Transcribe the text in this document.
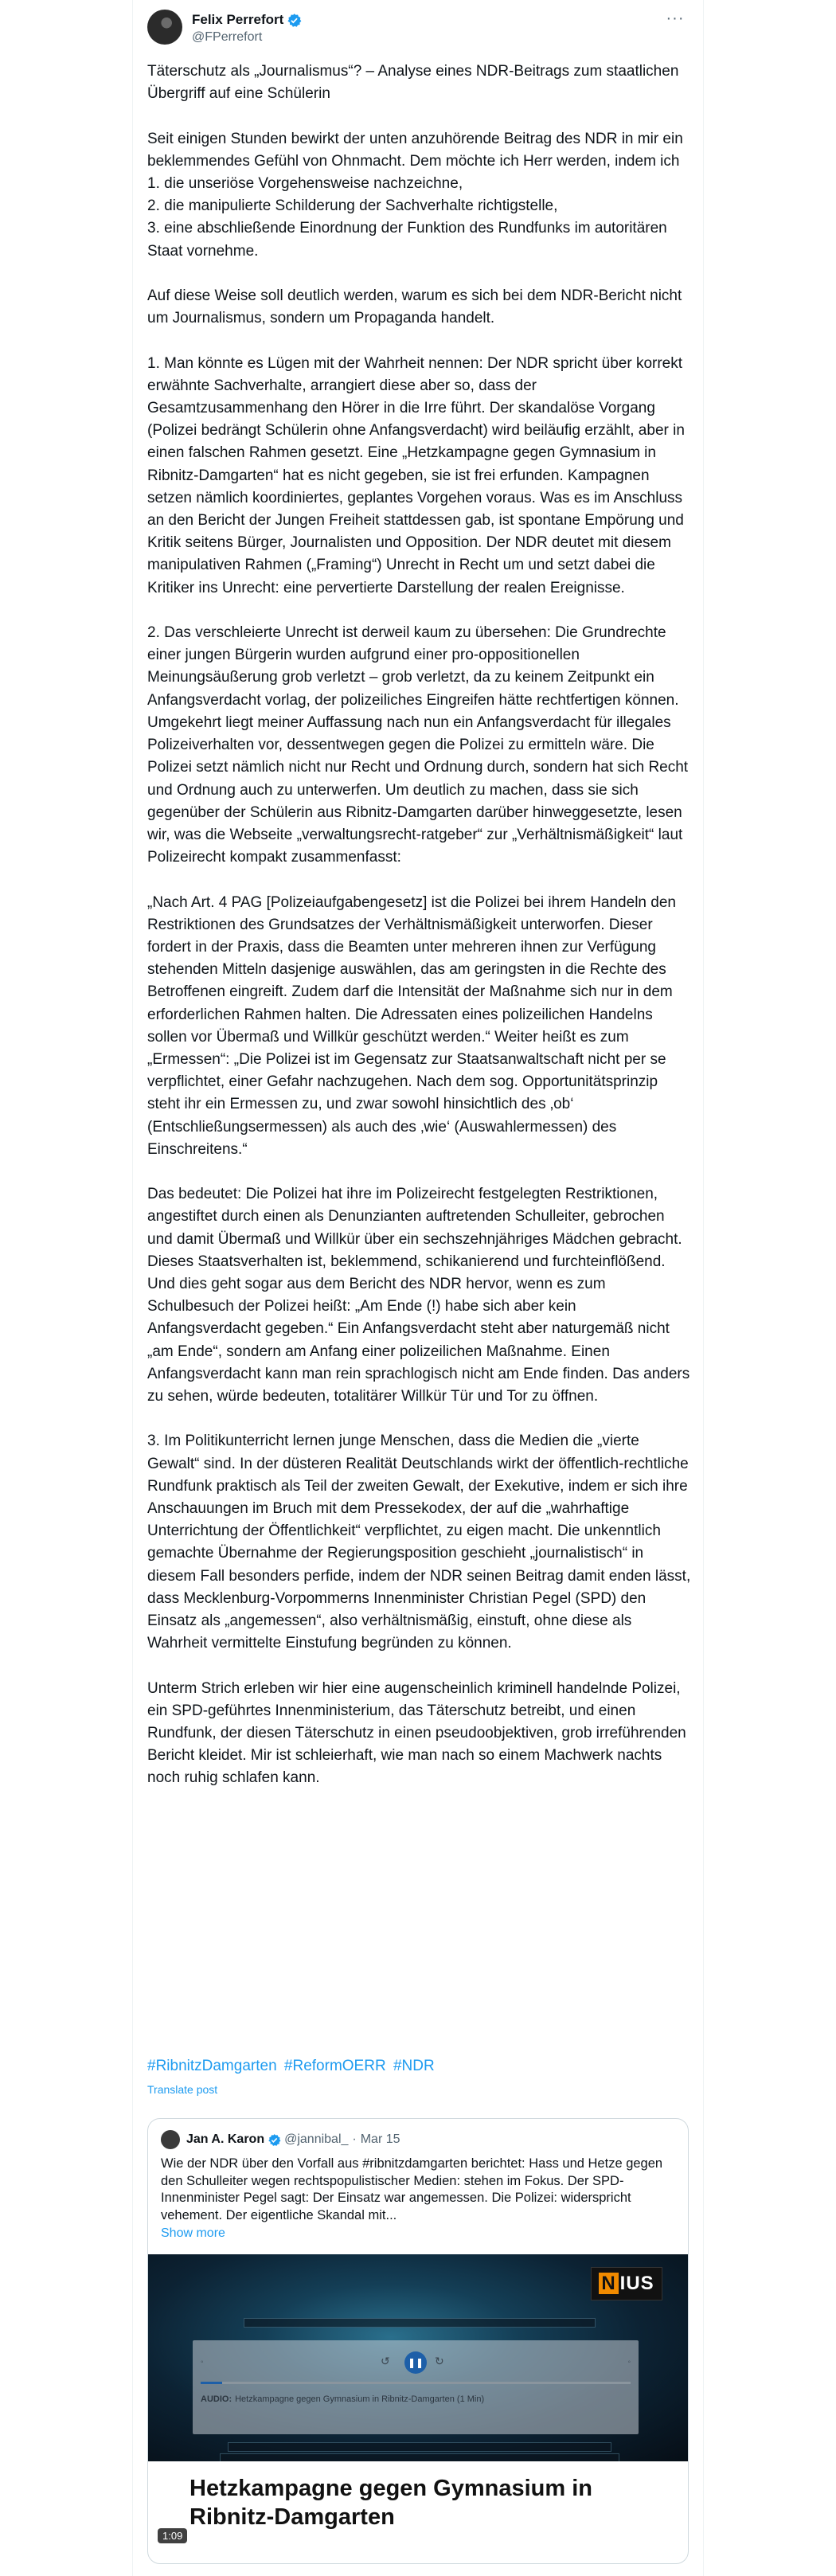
Felix Perrefort
@FPerrefort
···
Täterschutz als „Journalismus“? – Analyse eines NDR-Beitrags zum staatlichen Übergriff auf eine Schülerin

Seit einigen Stunden bewirkt der unten anzuhörende Beitrag des NDR in mir ein beklemmendes Gefühl von Ohnmacht. Dem möchte ich Herr werden, indem ich
1. die unseriöse Vorgehensweise nachzeichne,
2. die manipulierte Schilderung der Sachverhalte richtigstelle,
3. eine abschließende Einordnung der Funktion des Rundfunks im autoritären Staat vornehme.

Auf diese Weise soll deutlich werden, warum es sich bei dem NDR-Bericht nicht um Journalismus, sondern um Propaganda handelt.

1. Man könnte es Lügen mit der Wahrheit nennen: Der NDR spricht über korrekt erwähnte Sachverhalte, arrangiert diese aber so, dass der Gesamtzusammenhang den Hörer in die Irre führt. Der skandalöse Vorgang (Polizei bedrängt Schülerin ohne Anfangsverdacht) wird beiläufig erzählt, aber in einen falschen Rahmen gesetzt. Eine „Hetzkampagne gegen Gymnasium in Ribnitz-Damgarten“ hat es nicht gegeben, sie ist frei erfunden. Kampagnen setzen nämlich koordiniertes, geplantes Vorgehen voraus. Was es im Anschluss an den Bericht der Jungen Freiheit stattdessen gab, ist spontane Empörung und Kritik seitens Bürger, Journalisten und Opposition. Der NDR deutet mit diesem manipulativen Rahmen („Framing“) Unrecht in Recht um und setzt dabei die Kritiker ins Unrecht: eine pervertierte Darstellung der realen Ereignisse.

2. Das verschleierte Unrecht ist derweil kaum zu übersehen: Die Grundrechte einer jungen Bürgerin wurden aufgrund einer pro-oppositionellen Meinungsäußerung grob verletzt – grob verletzt, da zu keinem Zeitpunkt ein Anfangsverdacht vorlag, der polizeiliches Eingreifen hätte rechtfertigen können. Umgekehrt liegt meiner Auffassung nach nun ein Anfangsverdacht für illegales Polizeiverhalten vor, dessentwegen gegen die Polizei zu ermitteln wäre. Die Polizei setzt nämlich nicht nur Recht und Ordnung durch, sondern hat sich Recht und Ordnung auch zu unterwerfen. Um deutlich zu machen, dass sie sich gegenüber der Schülerin aus Ribnitz-Damgarten darüber hinweggesetzte, lesen wir, was die Webseite „verwaltungsrecht-ratgeber“ zur „Verhältnismäßigkeit“ laut Polizeirecht kompakt zusammenfasst:

„Nach Art. 4 PAG [Polizeiaufgabengesetz] ist die Polizei bei ihrem Handeln den Restriktionen des Grundsatzes der Verhältnismäßigkeit unterworfen. Dieser fordert in der Praxis, dass die Beamten unter mehreren ihnen zur Verfügung stehenden Mitteln dasjenige auswählen, das am geringsten in die Rechte des Betroffenen eingreift. Zudem darf die Intensität der Maßnahme sich nur in dem erforderlichen Rahmen halten. Die Adressaten eines polizeilichen Handelns sollen vor Übermaß und Willkür geschützt werden.“ Weiter heißt es zum „Ermessen“: „Die Polizei ist im Gegensatz zur Staatsanwaltschaft nicht per se verpflichtet, einer Gefahr nachzugehen. Nach dem sog. Opportunitätsprinzip steht ihr ein Ermessen zu, und zwar sowohl hinsichtlich des ‚ob‘ (Entschließungsermessen) als auch des ‚wie‘ (Auswahlermessen) des Einschreitens.“

Das bedeutet: Die Polizei hat ihre im Polizeirecht festgelegten Restriktionen, angestiftet durch einen als Denunzianten auftretenden Schulleiter, gebrochen und damit Übermaß und Willkür über ein sechszehnjähriges Mädchen gebracht. Dieses Staatsverhalten ist, beklemmend, schikanierend und furchteinflößend. Und dies geht sogar aus dem Bericht des NDR hervor, wenn es zum Schulbesuch der Polizei heißt: „Am Ende (!) habe sich aber kein Anfangsverdacht gegeben.“ Ein Anfangsverdacht steht aber naturgemäß nicht „am Ende“, sondern am Anfang einer polizeilichen Maßnahme. Einen Anfangsverdacht kann man rein sprachlogisch nicht am Ende finden. Das anders zu sehen, würde bedeuten, totalitärer Willkür Tür und Tor zu öffnen.

3. Im Politikunterricht lernen junge Menschen, dass die Medien die „vierte Gewalt“ sind. In der düsteren Realität Deutschlands wirkt der öffentlich-rechtliche Rundfunk praktisch als Teil der zweiten Gewalt, der Exekutive, indem er sich ihre Anschauungen im Bruch mit dem Pressekodex, der auf die „wahrhaftige Unterrichtung der Öffentlichkeit“ verpflichtet, zu eigen macht. Die unkenntlich gemachte Übernahme der Regierungsposition geschieht „journalistisch“ in diesem Fall besonders perfide, indem der NDR seinen Beitrag damit enden lässt, dass Mecklenburg-Vorpommerns Innenminister Christian Pegel (SPD) den Einsatz als „angemessen“, also verhältnismäßig, einstuft, ohne diese als Wahrheit vermittelte Einstufung begründen zu können.

Unterm Strich erleben wir hier eine augenscheinlich kriminell handelnde Polizei, ein SPD-geführtes Innenministerium, das Täterschutz betreibt, und einen Rundfunk, der diesen Täterschutz in einen pseudoobjektiven, grob irreführenden Bericht kleidet. Mir ist schleierhaft, wie man nach so einem Machwerk nachts noch ruhig schlafen kann.
#RibnitzDamgarten #ReformOERR #NDR
Translate post
Jan A. Karon @jannibal_ · Mar 15
Wie der NDR über den Vorfall aus #ribnitzdamgarten berichtet: Hass und Hetze gegen den Schulleiter wegen rechtspopulistischer Medien: stehen im Fokus. Der SPD-Innenminister Pegel sagt: Der Einsatz war angemessen. Die Polizei: widerspricht vehement. Der eigentliche Skandal mit...
Show more
N IUS
◦	↺	❚❚ ↻	◦
AUDIO: Hetzkampagne gegen Gymnasium in Ribnitz-Damgarten (1 Min)
Hetzkampagne gegen Gymnasium in Ribnitz-Damgarten
1:09
